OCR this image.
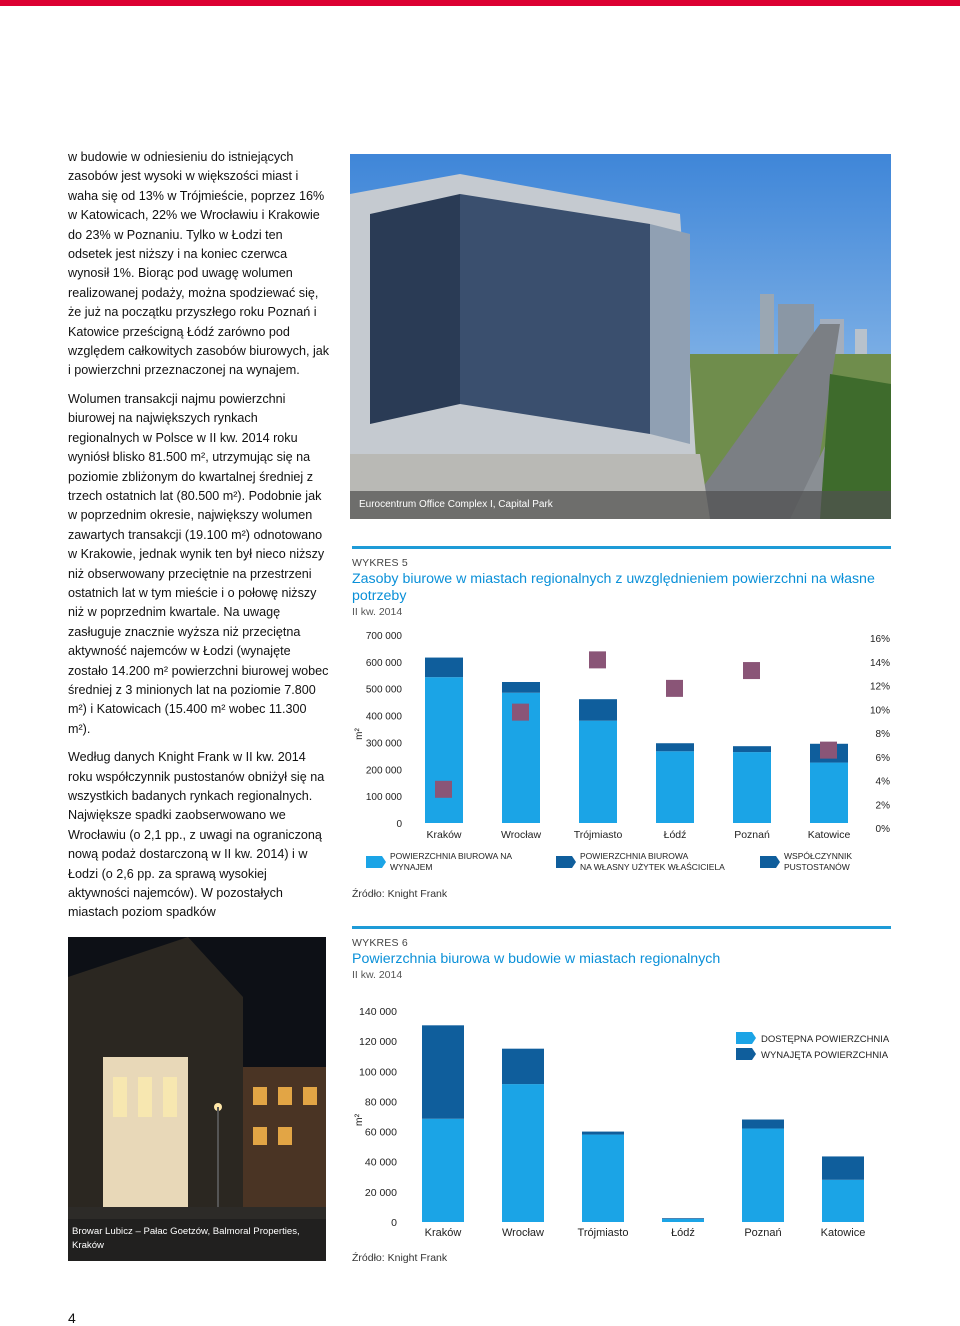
w budowie w odniesieniu do istniejących zasobów jest wysoki w większości miast i waha się od 13% w Trójmieście, poprzez 16% w Katowicach, 22% we Wrocławiu i Krakowie do 23% w Poznaniu. Tylko w Łodzi ten odsetek jest niższy i na koniec czerwca wynosił 1%. Biorąc pod uwagę wolumen realizowanej podaży, można spodziewać się, że już na początku przyszłego roku Poznań i Katowice prześcigną Łódź zarówno pod względem całkowitych zasobów biurowych, jak i powierzchni przeznaczonej na wynajem.

Wolumen transakcji najmu powierzchni biurowej na największych rynkach regionalnych w Polsce w II kw. 2014 roku wyniósł blisko 81.500 m², utrzymując się na poziomie zbliżonym do kwartalnej średniej z trzech ostatnich lat (80.500 m²). Podobnie jak w poprzednim okresie, największy wolumen zawartych transakcji (19.100 m²) odnotowano w Krakowie, jednak wynik ten był nieco niższy niż obserwowany przeciętnie na przestrzeni ostatnich lat w tym mieście i o połowę niższy niż w poprzednim kwartale. Na uwagę zasługuje znacznie wyższa niż przeciętna aktywność najemców w Łodzi (wynajęte zostało 14.200 m² powierzchni biurowej wobec średniej z 3 minionych lat na poziomie 7.800 m²) i Katowicach (15.400 m² wobec 11.300 m²).

Według danych Knight Frank w II kw. 2014 roku współczynnik pustostanów obniżył się na wszystkich badanych rynkach regionalnych. Największe spadki zaobserwowano we Wrocławiu (o 2,1 pp., z uwagi na ograniczoną nową podaż dostarczoną w II kw. 2014) i w Łodzi (o 2,6 pp. za sprawą wysokiej aktywności najemców). W pozostałych miastach poziom spadków

Eurocentrum Office Complex I, Capital Park
Browar Lubicz – Pałac Goetzów, Balmoral Properties, Kraków
WYKRES 5
Zasoby biurowe w miastach regionalnych z uwzględnieniem powierzchni na własne potrzeby
II kw. 2014
0
100 000
200 000
300 000
400 000
500 000
600 000
700 000
0%
2%
4%
6%
8%
10%
12%
14%
16%
m²
Kraków	Wrocław	Trójmiasto	Łódź	Poznań	Katowice
POWIERZCHNIA BIUROWA NA
WYNAJEM
POWIERZCHNIA BIUROWA
NA WŁASNY UŻYTEK WŁAŚCICIELA
WSPÓŁCZYNNIK
PUSTOSTANÓW
Źródło: Knight Frank
WYKRES 6
Powierzchnia biurowa w budowie w miastach regionalnych
II kw. 2014
0
20 000
40 000
60 000
80 000
100 000
120 000
140 000
m²
Kraków	Wrocław	Trójmiasto	Łódź	Poznań	Katowice
DOSTĘPNA POWIERZCHNIA
WYNAJĘTA POWIERZCHNIA
Źródło: Knight Frank
4
